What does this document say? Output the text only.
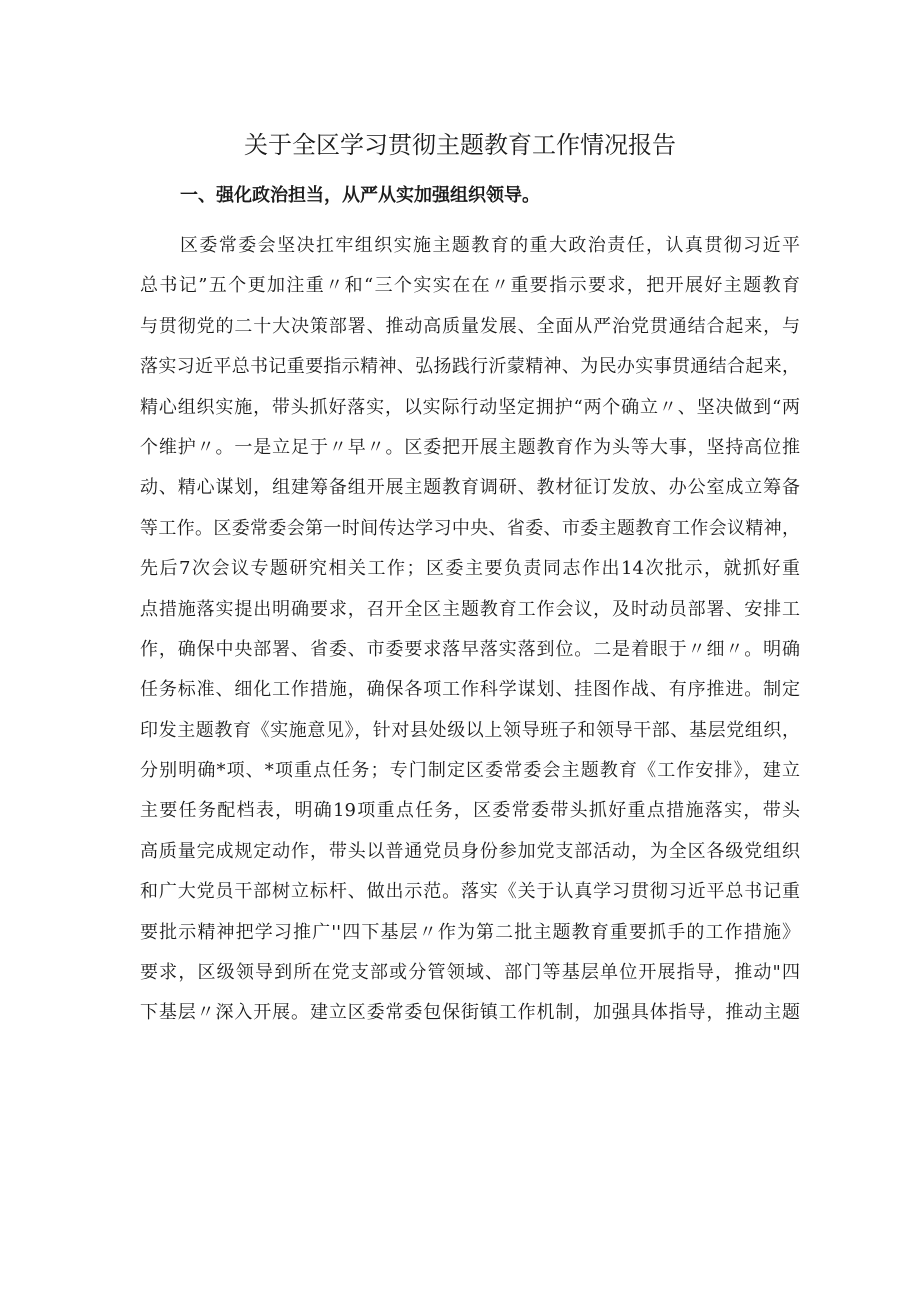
关于全区学习贯彻主题教育工作情况报告
一、强化政治担当，从严从实加强组织领导。
区委常委会坚决扛牢组织实施主题教育的重大政治责任，认真贯彻习近平
总书记”五个更加注重〃和“三个实实在在〃重要指示要求，把开展好主题教育
与贯彻党的二十大决策部署、推动高质量发展、全面从严治党贯通结合起来，与
落实习近平总书记重要指示精神、弘扬践行沂蒙精神、为民办实事贯通结合起来，
精心组织实施，带头抓好落实，以实际行动坚定拥护“两个确立〃、坚决做到“两
个维护〃。一是立足于〃早〃。区委把开展主题教育作为头等大事，坚持高位推
动、精心谋划，组建筹备组开展主题教育调研、教材征订发放、办公室成立筹备
等工作。区委常委会第一时间传达学习中央、省委、市委主题教育工作会议精神，
先后7次会议专题研究相关工作；区委主要负责同志作出14次批示，就抓好重
点措施落实提出明确要求，召开全区主题教育工作会议，及时动员部署、安排工
作，确保中央部署、省委、市委要求落早落实落到位。二是着眼于〃细〃。明确
任务标准、细化工作措施，确保各项工作科学谋划、挂图作战、有序推进。制定
印发主题教育《实施意见》，针对县处级以上领导班子和领导干部、基层党组织，
分别明确*项、*项重点任务；专门制定区委常委会主题教育《工作安排》，建立
主要任务配档表，明确19项重点任务，区委常委带头抓好重点措施落实，带头
高质量完成规定动作，带头以普通党员身份参加党支部活动，为全区各级党组织
和广大党员干部树立标杆、做出示范。落实《关于认真学习贯彻习近平总书记重
要批示精神把学习推广''四下基层〃作为第二批主题教育重要抓手的工作措施》
要求，区级领导到所在党支部或分管领域、部门等基层单位开展指导，推动"四
下基层〃深入开展。建立区委常委包保街镇工作机制，加强具体指导，推动主题
